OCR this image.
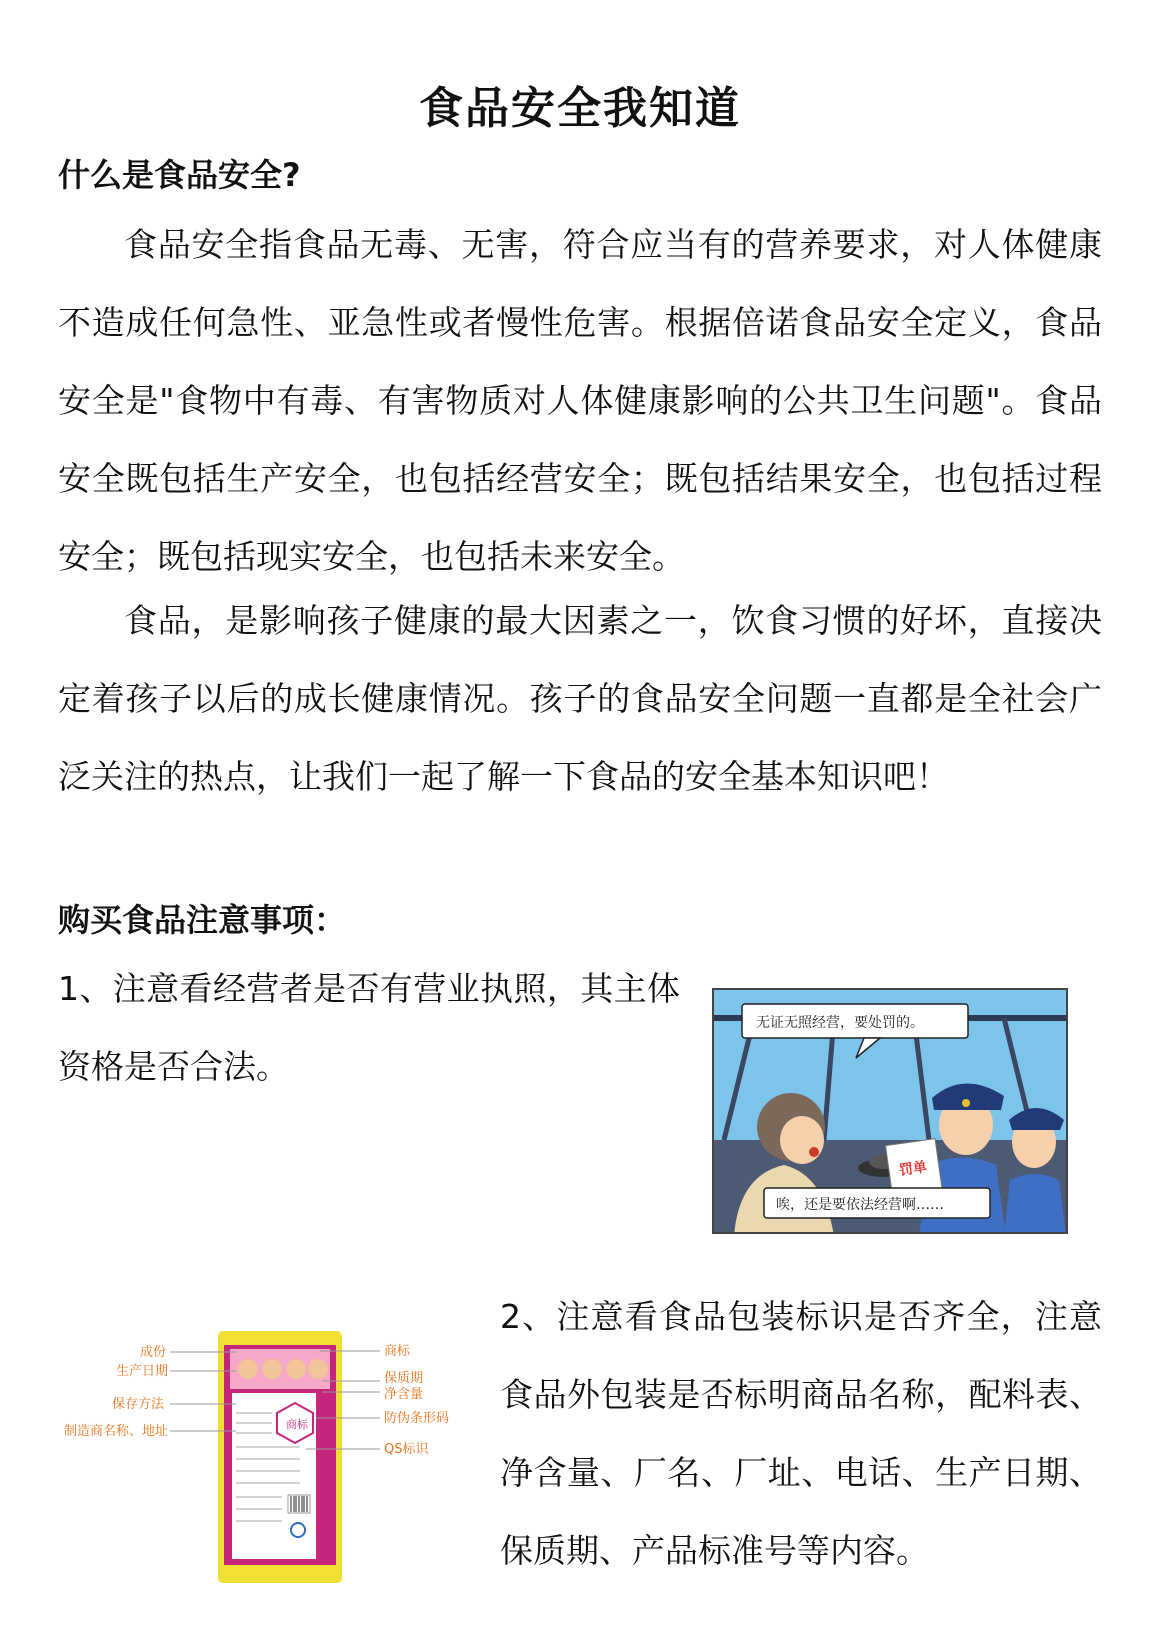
食品安全我知道
什么是食品安全?

食品安全指食品无毒、无害，符合应当有的营养要求，对人体健康不造成任何急性、亚急性或者慢性危害。根据倍诺食品安全定义，食品安全是"食物中有毒、有害物质对人体健康影响的公共卫生问题"。食品安全既包括生产安全，也包括经营安全；既包括结果安全，也包括过程安全；既包括现实安全，也包括未来安全。

食品，是影响孩子健康的最大因素之一，饮食习惯的好坏，直接决定着孩子以后的成长健康情况。孩子的食品安全问题一直都是全社会广泛关注的热点，让我们一起了解一下食品的安全基本知识吧！

购买食品注意事项：

1、注意看经营者是否有营业执照，其主体资格是否合法。

罚单
无证无照经营，要处罚的。
唉，还是要依法经营啊……
商标
成份
生产日期
保存方法
制造商名称、地址
商标
保质期
净含量
防伪条形码
QS标识

2、注意看食品包装标识是否齐全，注意食品外包装是否标明商品名称，配料表、净含量、厂名、厂址、电话、生产日期、保质期、产品标准号等内容。
